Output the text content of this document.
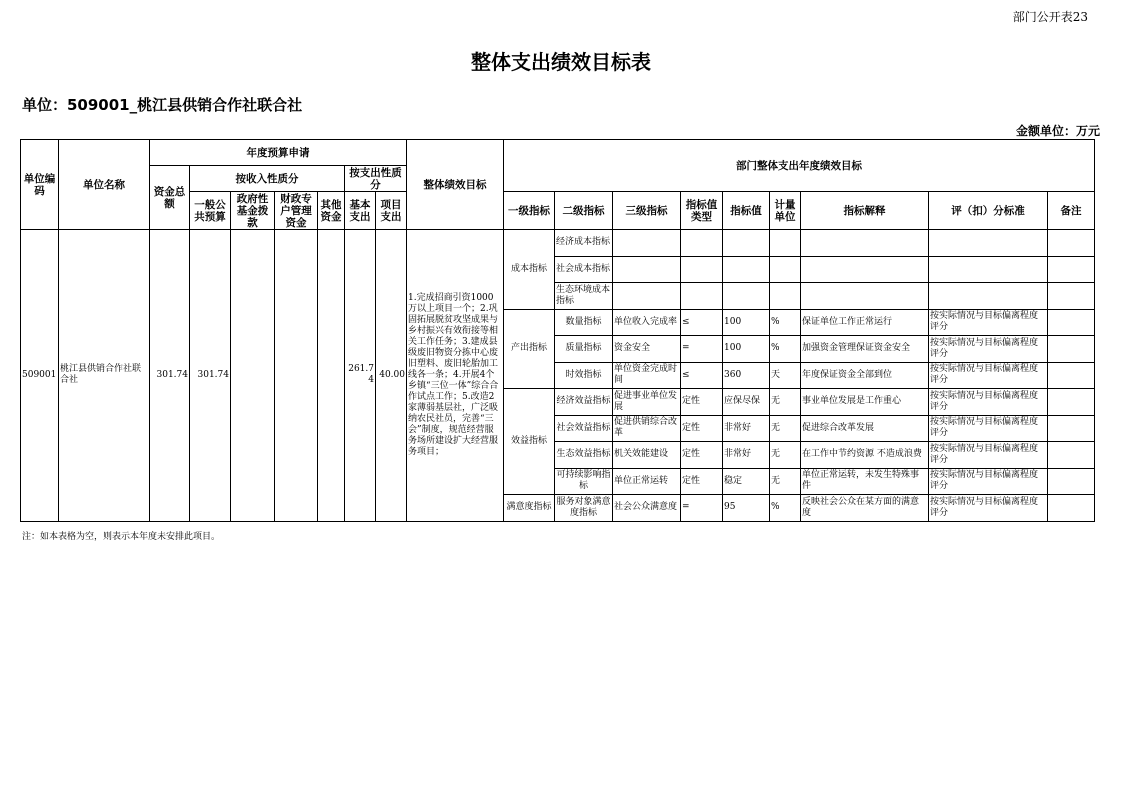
部门公开表23
整体支出绩效目标表
单位：509001_桃江县供销合作社联合社
金额单位：万元
单位编码	单位名称	年度预算申请							整体绩效目标	部门整体支出年度绩效目标								
		资金总额	按收入性质分				按支出性质分											
			一般公共预算	政府性基金拨款	财政专户管理资金	其他资金	基本支出	项目支出		一级指标	二级指标	三级指标	指标值类型	指标值	计量单位	指标解释	评（扣）分标准	备注
509001	桃江县供销合作社联合社	301.74	301.74				261.74	40.00	1.完成招商引资1000万以上项目一个；2.巩固拓展脱贫攻坚成果与乡村振兴有效衔接等相关工作任务；3.建成县级废旧物资分拣中心废旧塑料、废旧轮胎加工线各一条；4.开展4个乡镇“三位一体”综合合作试点工作；5.改造2家薄弱基层社，广泛吸纳农民社员，完善“三会”制度，规范经营服务场所建设扩大经营服务项目；	成本指标	经济成本指标							
											社会成本指标							
											生态环境成本指标							
										产出指标	数量指标	单位收入完成率	≤	100	%	保证单位工作正常运行	按实际情况与目标偏离程度评分	
											质量指标	资金安全	=	100	%	加强资金管理保证资金安全	按实际情况与目标偏离程度评分	
											时效指标	单位资金完成时间	≤	360	天	年度保证资金全部到位	按实际情况与目标偏离程度评分	
										效益指标	经济效益指标	促进事业单位发展	定性	应保尽保	无	事业单位发展是工作重心	按实际情况与目标偏离程度评分	
											社会效益指标	促进供销综合改革	定性	非常好	无	促进综合改革发展	按实际情况与目标偏离程度评分	
											生态效益指标	机关效能建设	定性	非常好	无	在工作中节约资源 不造成浪费	按实际情况与目标偏离程度评分	
											可持续影响指标	单位正常运转	定性	稳定	无	单位正常运转，未发生特殊事件	按实际情况与目标偏离程度评分	
										满意度指标	服务对象满意度指标	社会公众满意度	=	95	%	反映社会公众在某方面的满意度	按实际情况与目标偏离程度评分	
注：如本表格为空，则表示本年度未安排此项目。
